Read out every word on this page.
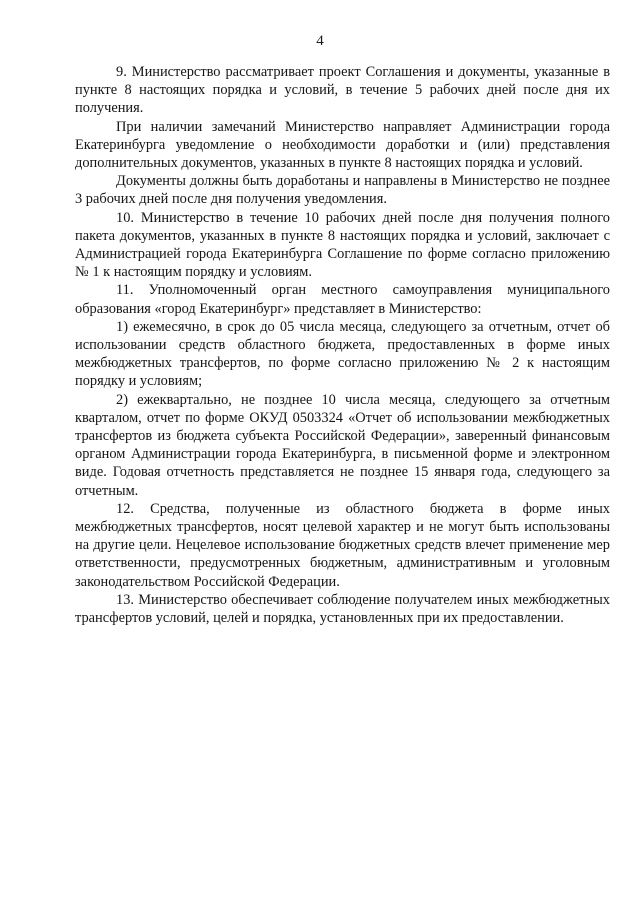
4

9. Министерство рассматривает проект Соглашения и документы, указанные в пункте 8 настоящих порядка и условий, в течение 5 рабочих дней после дня их получения.

При наличии замечаний Министерство направляет Администрации города Екатеринбурга уведомление о необходимости доработки и (или) представления дополнительных документов, указанных в пункте 8 настоящих порядка и условий.

Документы должны быть доработаны и направлены в Министерство не позднее 3 рабочих дней после дня получения уведомления.

10. Министерство в течение 10 рабочих дней после дня получения полного пакета документов, указанных в пункте 8 настоящих порядка и условий, заключает с Администрацией города Екатеринбурга Соглашение по форме согласно приложению № 1 к настоящим порядку и условиям.

11. Уполномоченный орган местного самоуправления муниципального образования «город Екатеринбург» представляет в Министерство:

1) ежемесячно, в срок до 05 числа месяца, следующего за отчетным, отчет об использовании средств областного бюджета, предоставленных в форме иных межбюджетных трансфертов, по форме согласно приложению № 2 к настоящим порядку и условиям;

2) ежеквартально, не позднее 10 числа месяца, следующего за отчетным кварталом, отчет по форме ОКУД 0503324 «Отчет об использовании межбюджетных трансфертов из бюджета субъекта Российской Федерации», заверенный финансовым органом Администрации города Екатеринбурга, в письменной форме и электронном виде. Годовая отчетность представляется не позднее 15 января года, следующего за отчетным.

12. Средства, полученные из областного бюджета в форме иных межбюджетных трансфертов, носят целевой характер и не могут быть использованы на другие цели. Нецелевое использование бюджетных средств влечет применение мер ответственности, предусмотренных бюджетным, административным и уголовным законодательством Российской Федерации.

13. Министерство обеспечивает соблюдение получателем иных межбюджетных трансфертов условий, целей и порядка, установленных при их предоставлении.
